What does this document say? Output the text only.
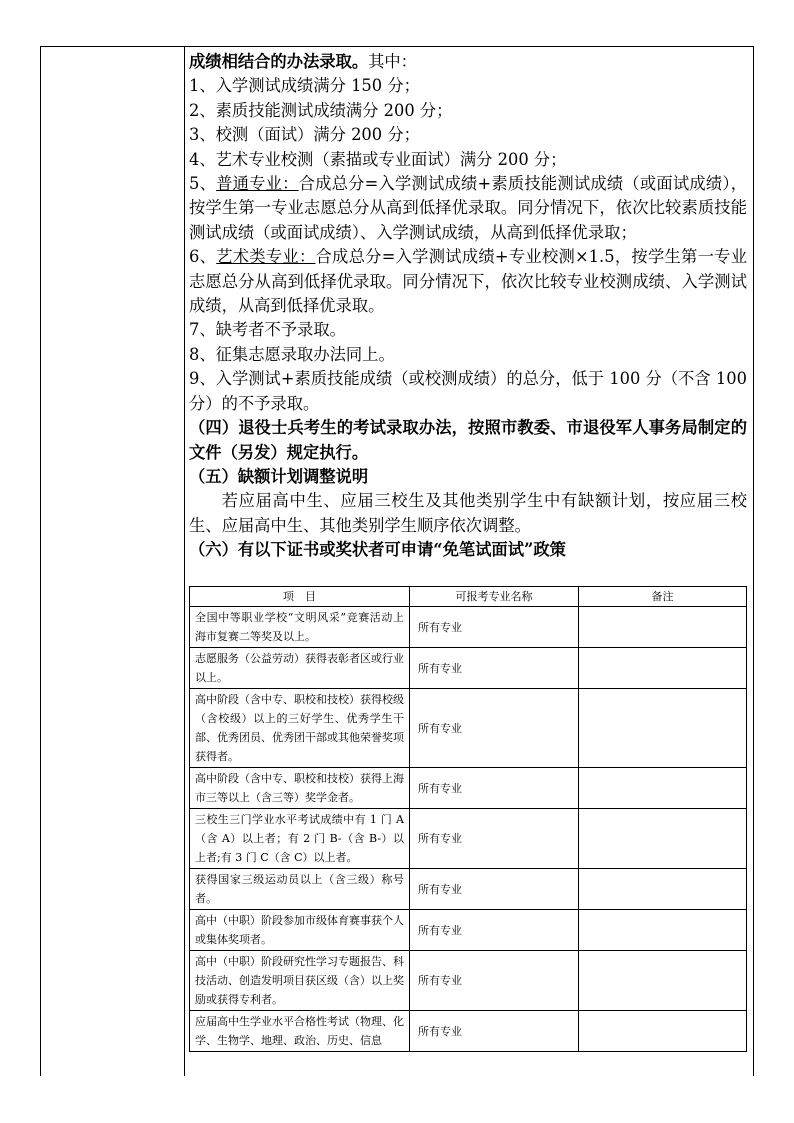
成绩相结合的办法录取。其中：

1、入学测试成绩满分 150 分；

2、素质技能测试成绩满分 200 分；

3、校测（面试）满分 200 分；

4、艺术专业校测（素描或专业面试）满分 200 分；

5、普通专业：合成总分=入学测试成绩+素质技能测试成绩（或面试成绩），按学生第一专业志愿总分从高到低择优录取。同分情况下，依次比较素质技能测试成绩（或面试成绩）、入学测试成绩，从高到低择优录取；

6、艺术类专业：合成总分=入学测试成绩+专业校测×1.5，按学生第一专业志愿总分从高到低择优录取。同分情况下，依次比较专业校测成绩、入学测试成绩，从高到低择优录取。

7、缺考者不予录取。

8、征集志愿录取办法同上。

9、入学测试+素质技能成绩（或校测成绩）的总分，低于 100 分（不含 100 分）的不予录取。

（四）退役士兵考生的考试录取办法，按照市教委、市退役军人事务局制定的文件（另发）规定执行。

（五）缺额计划调整说明

若应届高中生、应届三校生及其他类别学生中有缺额计划，按应届三校生、应届高中生、其他类别学生顺序依次调整。

（六）有以下证书或奖状者可申请“免笔试面试”政策

项　目	可报考专业名称	备注
全国中等职业学校“文明风采”竞赛活动上海市复赛二等奖及以上。	所有专业	
志愿服务（公益劳动）获得表彰者区或行业以上。	所有专业	
高中阶段（含中专、职校和技校）获得校级（含校级）以上的三好学生、优秀学生干部、优秀团员、优秀团干部或其他荣誉奖项获得者。	所有专业	
高中阶段（含中专、职校和技校）获得上海市三等以上（含三等）奖学金者。	所有专业	
三校生三门学业水平考试成绩中有 1 门 A（含 A）以上者；有 2 门 B-（含 B-）以上者;有 3 门 C（含 C）以上者。	所有专业	
获得国家三级运动员以上（含三级）称号者。	所有专业	
高中（中职）阶段参加市级体育赛事获个人或集体奖项者。	所有专业	
高中（中职）阶段研究性学习专题报告、科技活动、创造发明项目获区级（含）以上奖励或获得专利者。	所有专业	
应届高中生学业水平合格性考试（物理、化学、生物学、地理、政治、历史、信息	所有专业	
